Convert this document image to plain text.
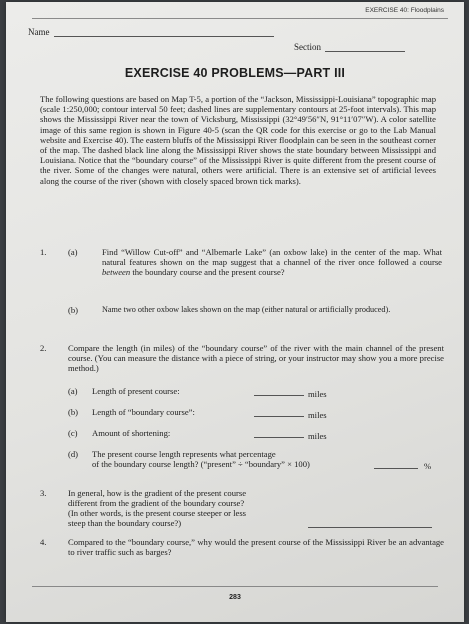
EXERCISE 40: Floodplains
Name
Section
EXERCISE 40 PROBLEMS—PART III
The following questions are based on Map T-5, a portion of the “Jackson, Mississippi-Louisiana” topographic map (scale 1:250,000; contour interval 50 feet; dashed lines are supplementary contours at 25-foot intervals). This map shows the Mississippi River near the town of Vicksburg, Mississippi (32°49′56″N, 91°11′07″W). A color satellite image of this same region is shown in Figure 40-5 (scan the QR code for this exercise or go to the Lab Manual website and Exercise 40). The eastern bluffs of the Mississippi River floodplain can be seen in the southeast corner of the map. The dashed black line along the Mississippi River shows the state boundary between Mississippi and Louisiana. Notice that the “boundary course” of the Mississippi River is quite different from the present course of the river. Some of the changes were natural, others were artificial. There is an extensive set of artificial levees along the course of the river (shown with closely spaced brown tick marks).
1.	(a)	Find “Willow Cut-off” and “Albemarle Lake” (an oxbow lake) in the center of the map. What natural features shown on the map suggest that a channel of the river once followed a course between the boundary course and the present course?
(b)	Name two other oxbow lakes shown on the map (either natural or artificially produced).
2.	Compare the length (in miles) of the “boundary course” of the river with the main channel of the present course. (You can measure the distance with a piece of string, or your instructor may show you a more precise method.)
(a) Length of present course:	miles
(b) Length of “boundary course”:	miles
(c) Amount of shortening:	miles
(d) The present course length represents what percentage
of the boundary course length? (“present” ÷ “boundary” × 100)	%
3.	In general, how is the gradient of the present course
different from the gradient of the boundary course?
(In other words, is the present course steeper or less
steep than the boundary course?)
4.	Compared to the “boundary course,” why would the present course of the Mississippi River be an advantage to river traffic such as barges?
283
